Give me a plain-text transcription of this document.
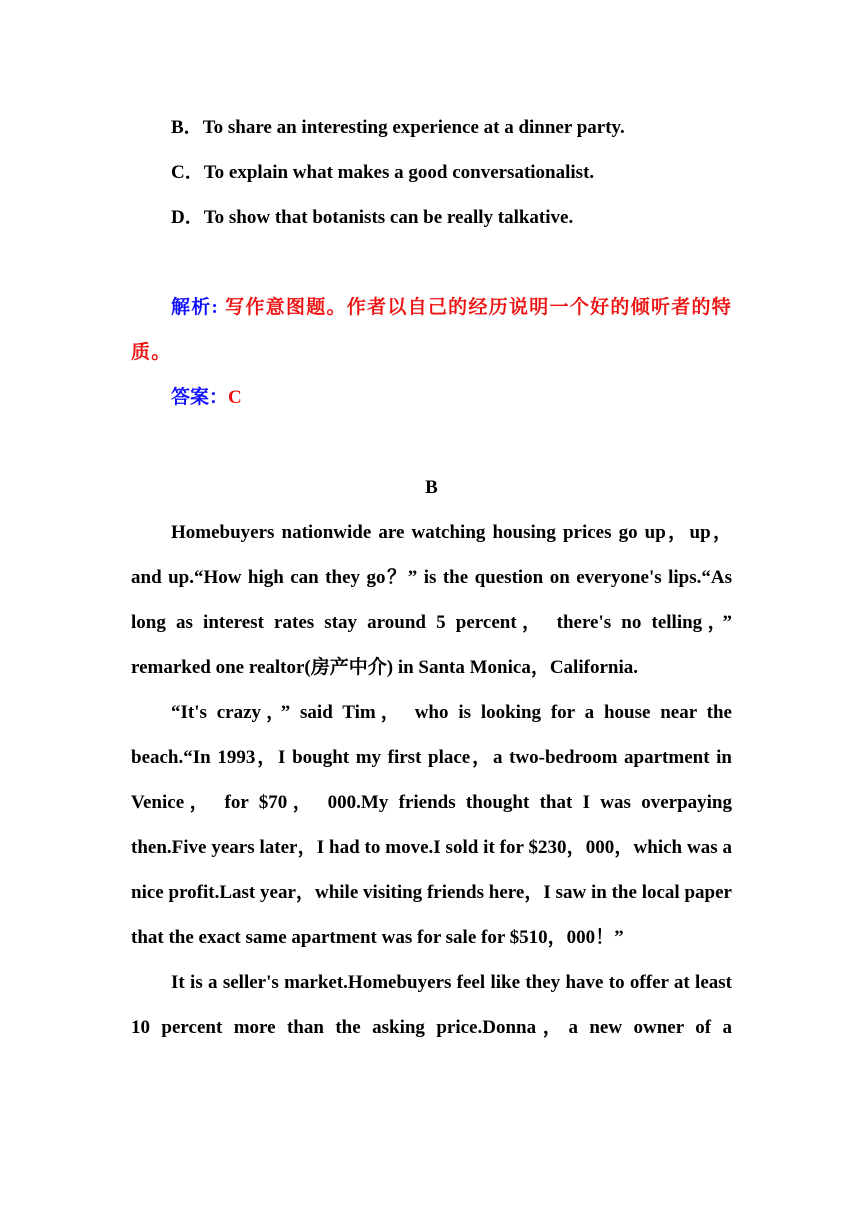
B．To share an interesting experience at a dinner party.

C．To explain what makes a good conversationalist.

D．To show that botanists can be really talkative.

解析: 写作意图题。作者以自己的经历说明一个好的倾听者的特质。

答案：C

B

Homebuyers nationwide are watching housing prices go up，up，and up.“How high can they go？” is the question on everyone's lips.“As long as interest rates stay around 5 percent， there's no telling，” remarked one realtor(房产中介) in Santa Monica，California.

“It's crazy，” said Tim， who is looking for a house near the beach.“In 1993，I bought my first place，a two-bedroom apartment in Venice， for $70， 000.My friends thought that I was overpaying then.Five years later，I had to move.I sold it for $230，000，which was a nice profit.Last year，while visiting friends here，I saw in the local paper that the exact same apartment was for sale for $510，000！”

It is a seller's market.Homebuyers feel like they have to offer at least 10 percent more than the asking price.Donna，a new owner of a
